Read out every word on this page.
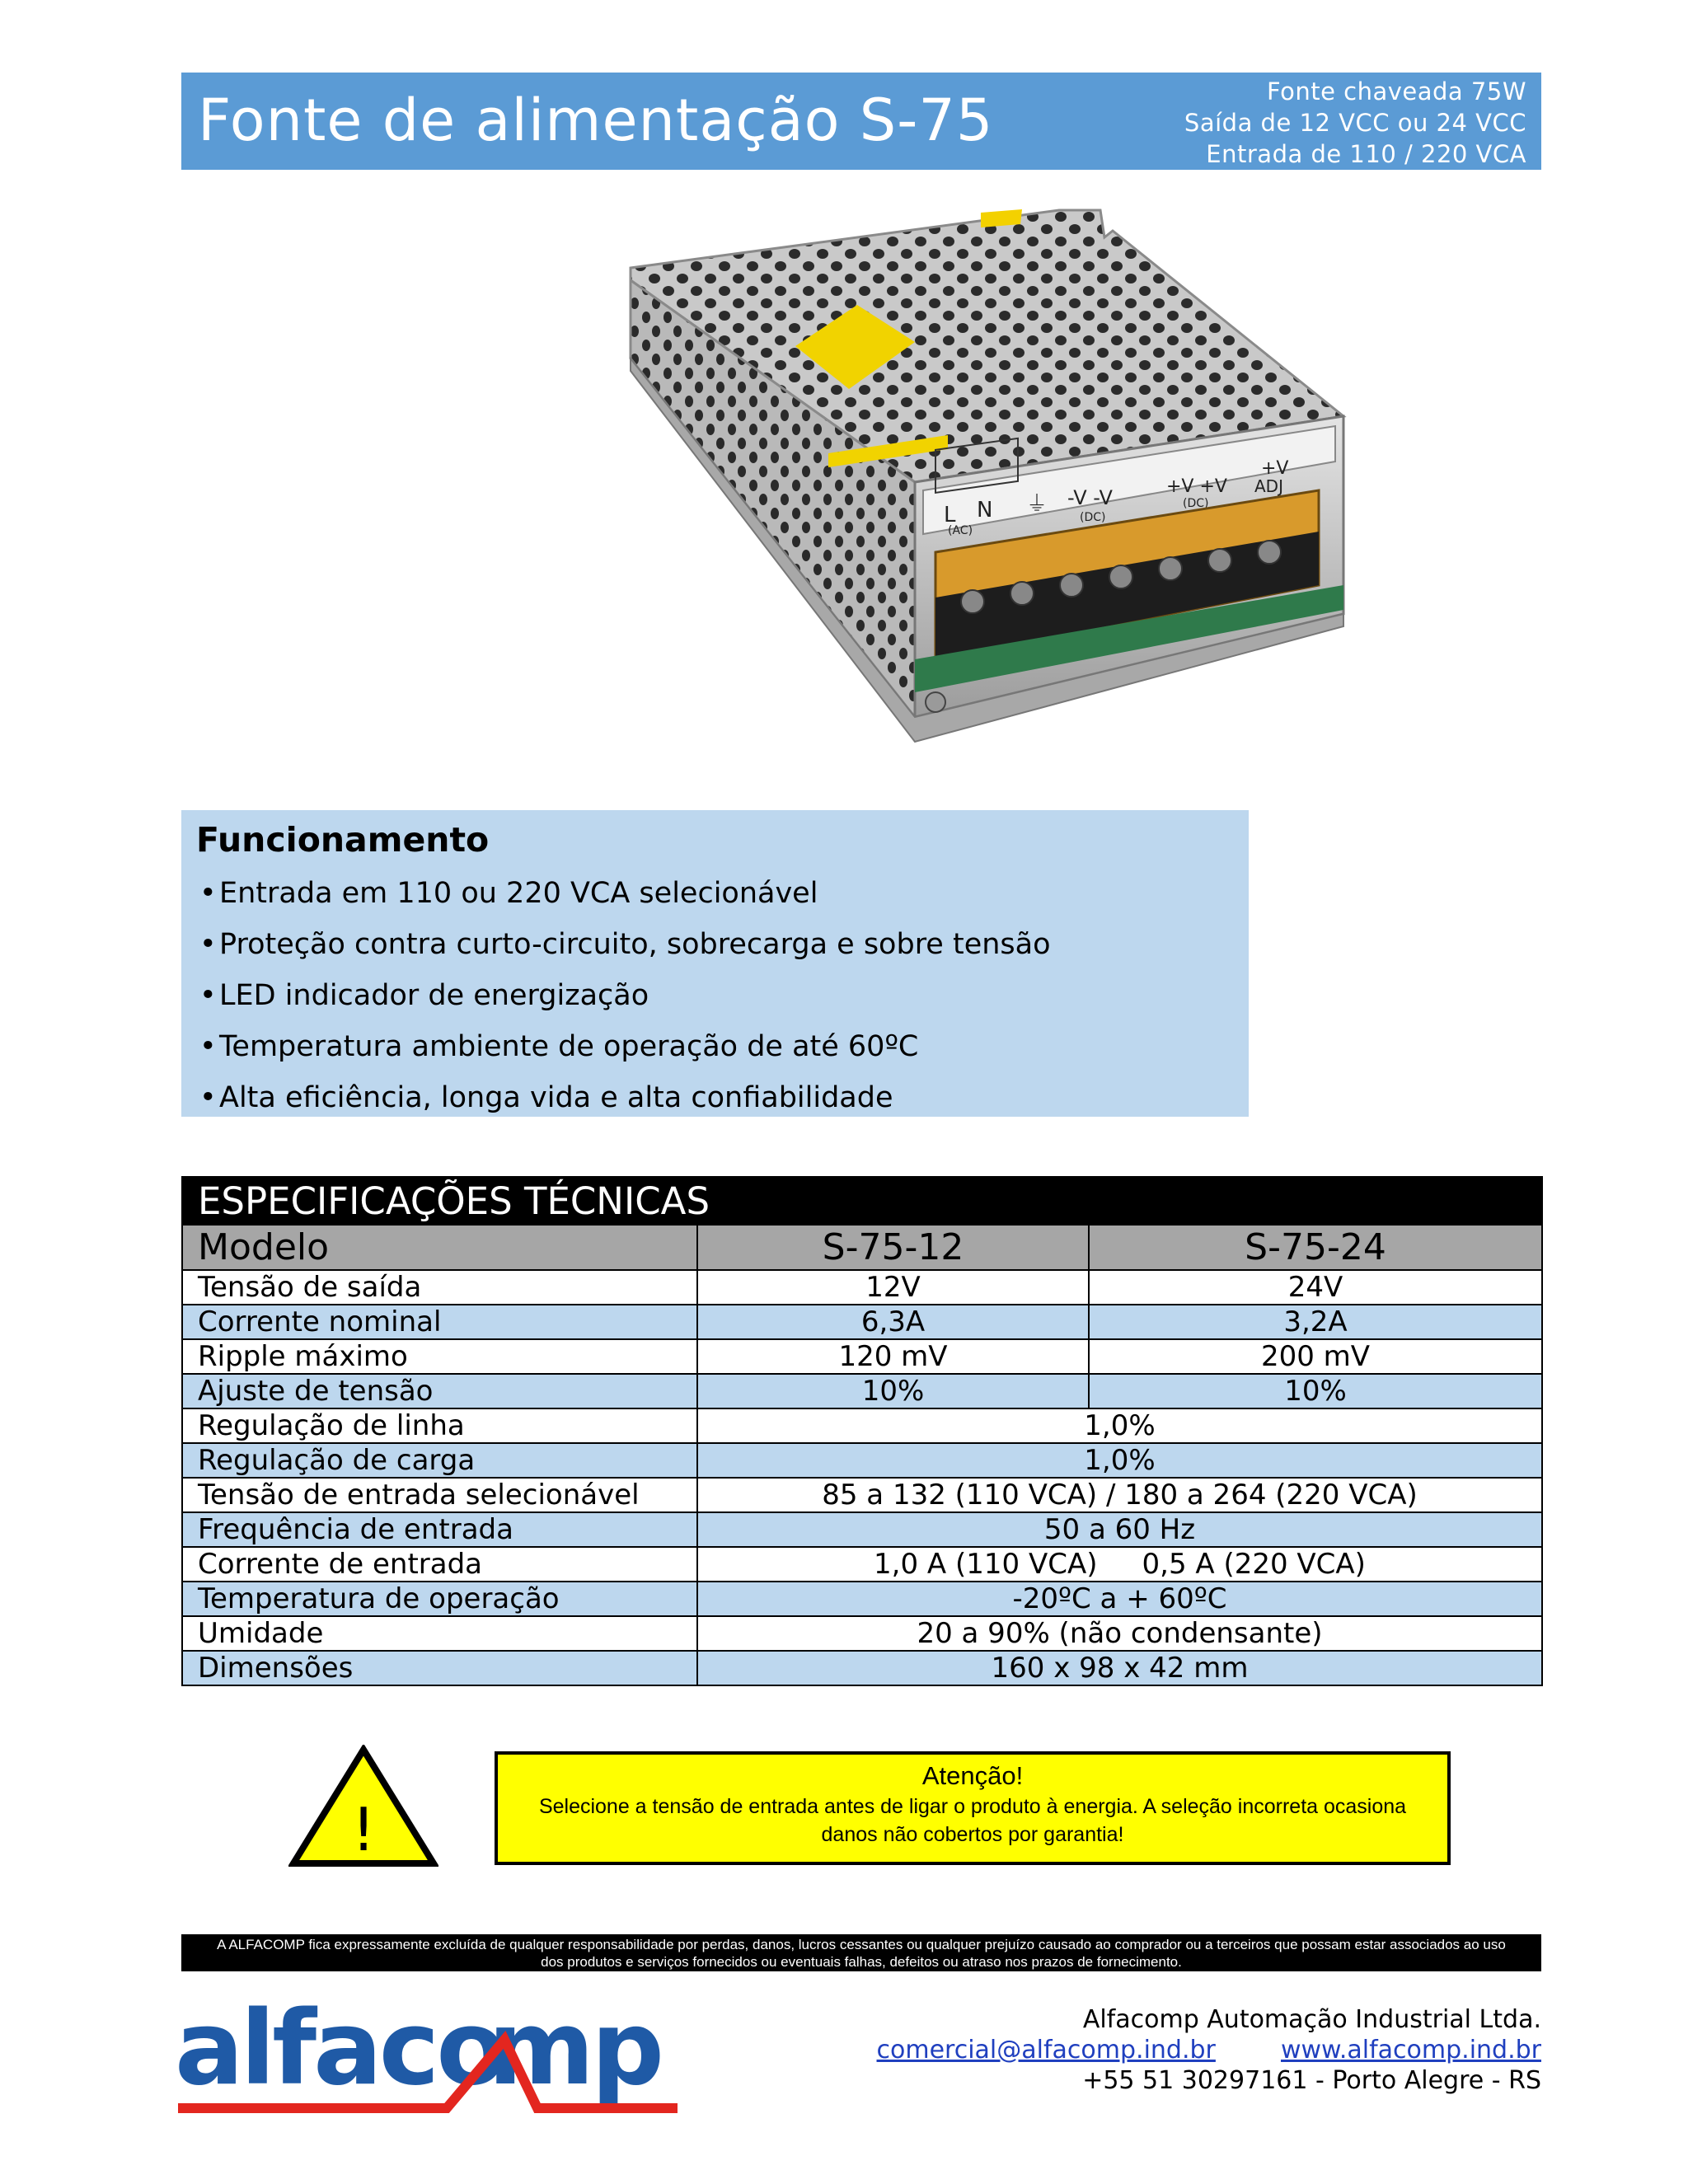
Fonte de alimentação S-75	Fonte chaveada 75W
Saída de 12 VCC ou 24 VCC
Entrada de 110 / 220 VCA
L N
(AC)
⏚ -V -V
(DC)
+V +V
(DC)
+V
ADJ
Funcionamento
•Entrada em 110 ou 220 VCA selecionável
•Proteção contra curto-circuito, sobrecarga e sobre tensão
•LED indicador de energização
•Temperatura ambiente de operação de até 60ºC
•Alta eficiência, longa vida e alta confiabilidade
ESPECIFICAÇÕES TÉCNICAS		
Modelo	S-75-12	S-75-24
Tensão de saída	12V	24V
Corrente nominal	6,3A	3,2A
Ripple máximo	120 mV	200 mV
Ajuste de tensão	10%	10%
Regulação de linha	1,0%	
Regulação de carga	1,0%	
Tensão de entrada selecionável	85 a 132 (110 VCA) / 180 a 264 (220 VCA)	
Frequência de entrada	50 a 60 Hz	
Corrente de entrada	1,0 A (110 VCA)     0,5 A (220 VCA)	
Temperatura de operação	-20ºC a + 60ºC	
Umidade	20 a 90% (não condensante)	
Dimensões	160 x 98 x 42 mm	
!
Atenção!
Selecione a tensão de entrada antes de ligar o produto à energia. A seleção incorreta ocasiona danos não cobertos por garantia!
A ALFACOMP fica expressamente excluída de qualquer responsabilidade por perdas, danos, lucros cessantes ou qualquer prejuízo causado ao comprador ou a terceiros que possam estar associados ao uso dos produtos e serviços fornecidos ou eventuais falhas, defeitos ou atraso nos prazos de fornecimento.
alfaco
mp	Alfacomp Automação Industrial Ltda.
comercial@alfacomp.ind.br	www.alfacomp.ind.br
+55 51 30297161 - Porto Alegre - RS
